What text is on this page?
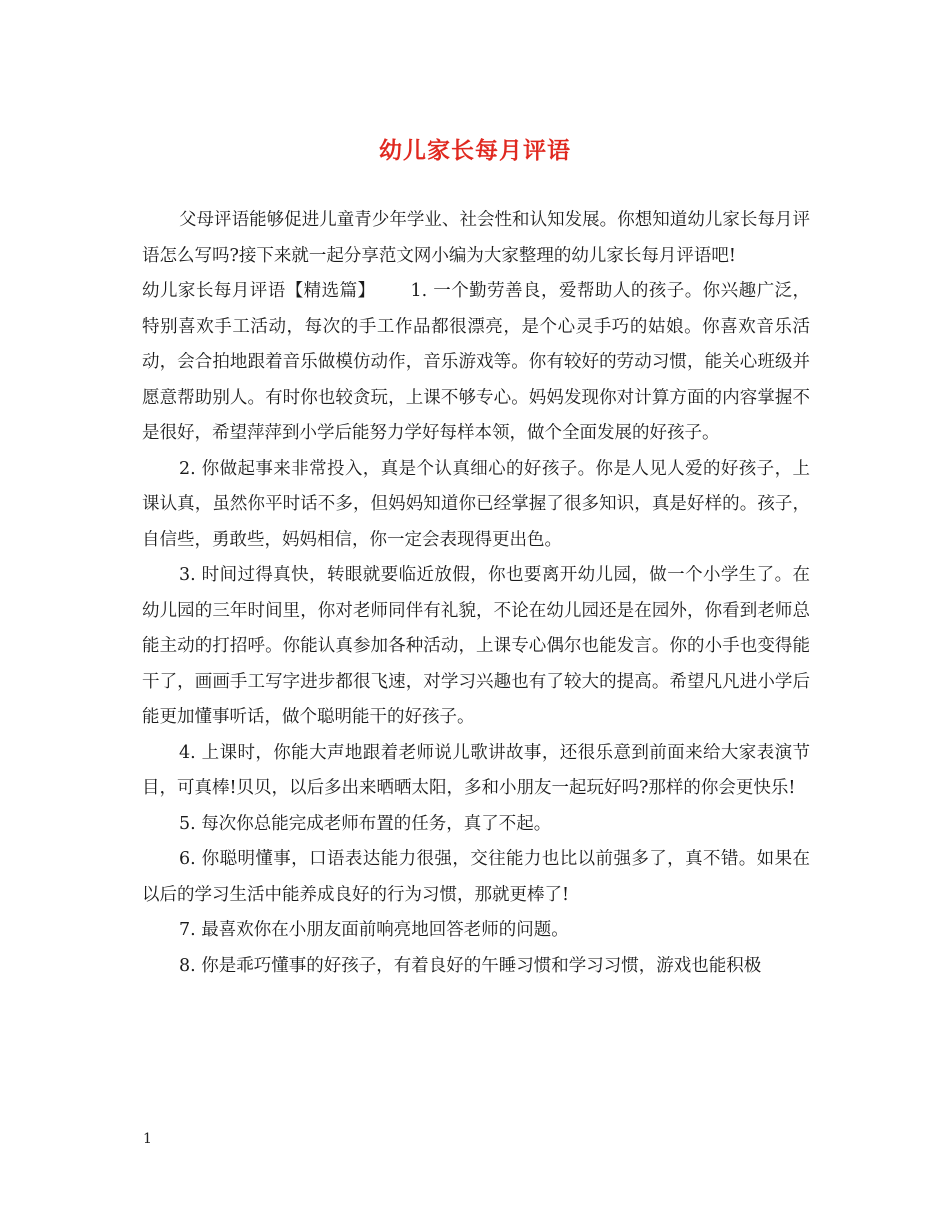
幼儿家长每月评语

父母评语能够促进儿童青少年学业、社会性和认知发展。你想知道幼儿家长每月评语怎么写吗?接下来就一起分享范文网小编为大家整理的幼儿家长每月评语吧!

幼儿家长每月评语【精选篇】   1. 一个勤劳善良，爱帮助人的孩子。你兴趣广泛，特别喜欢手工活动，每次的手工作品都很漂亮，是个心灵手巧的姑娘。你喜欢音乐活动，会合拍地跟着音乐做模仿动作，音乐游戏等。你有较好的劳动习惯，能关心班级并愿意帮助别人。有时你也较贪玩，上课不够专心。妈妈发现你对计算方面的内容掌握不是很好，希望萍萍到小学后能努力学好每样本领，做个全面发展的好孩子。

2. 你做起事来非常投入，真是个认真细心的好孩子。你是人见人爱的好孩子，上课认真，虽然你平时话不多，但妈妈知道你已经掌握了很多知识，真是好样的。孩子，自信些，勇敢些，妈妈相信，你一定会表现得更出色。

3. 时间过得真快，转眼就要临近放假，你也要离开幼儿园，做一个小学生了。在幼儿园的三年时间里，你对老师同伴有礼貌，不论在幼儿园还是在园外，你看到老师总能主动的打招呼。你能认真参加各种活动，上课专心偶尔也能发言。你的小手也变得能干了，画画手工写字进步都很飞速，对学习兴趣也有了较大的提高。希望凡凡进小学后能更加懂事听话，做个聪明能干的好孩子。

4. 上课时，你能大声地跟着老师说儿歌讲故事，还很乐意到前面来给大家表演节目，可真棒!贝贝，以后多出来晒晒太阳，多和小朋友一起玩好吗?那样的你会更快乐!

5. 每次你总能完成老师布置的任务，真了不起。

6. 你聪明懂事，口语表达能力很强，交往能力也比以前强多了，真不错。如果在以后的学习生活中能养成良好的行为习惯，那就更棒了!

7. 最喜欢你在小朋友面前响亮地回答老师的问题。

8. 你是乖巧懂事的好孩子，有着良好的午睡习惯和学习习惯，游戏也能积极

1
